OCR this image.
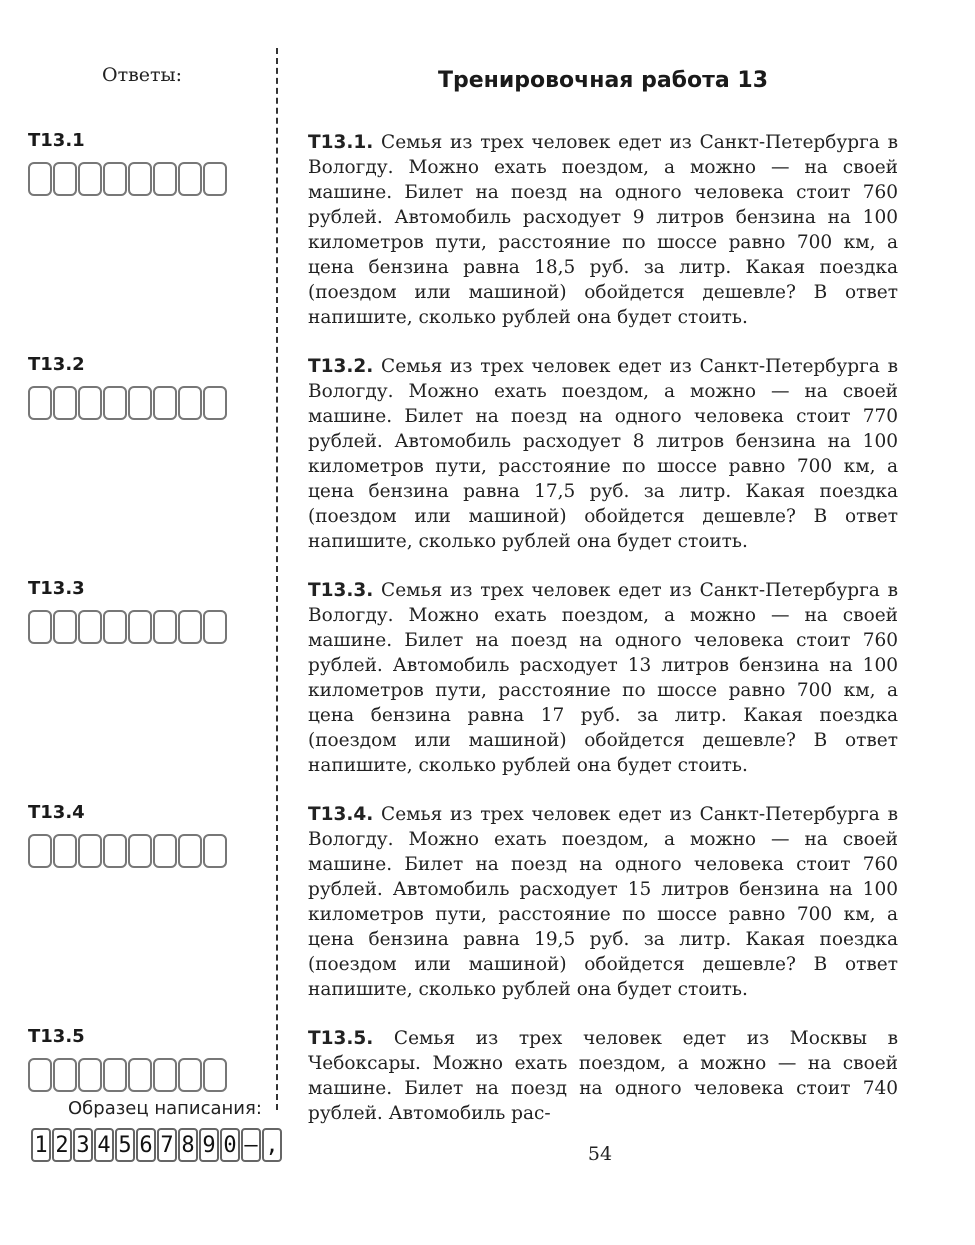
Ответы:	Тренировочная работа 13
Т13.1
Т13.2
Т13.3
Т13.4
Т13.5
Т13.1. Семья из трех человек едет из Санкт-Петербурга в Вологду. Можно ехать поездом, а можно — на своей машине. Билет на поезд на одного человека стоит 760 рублей. Автомобиль расходует 9 литров бензина на 100 километров пути, расстояние по шоссе равно 700 км, а цена бензина равна 18,5 руб. за литр. Какая поездка (поездом или машиной) обойдется дешевле? В ответ напишите, сколько рублей она будет стоить.
Т13.2. Семья из трех человек едет из Санкт-Петербурга в Вологду. Можно ехать поездом, а можно — на своей машине. Билет на поезд на одного человека стоит 770 рублей. Автомобиль расходует 8 литров бензина на 100 километров пути, расстояние по шоссе равно 700 км, а цена бензина равна 17,5 руб. за литр. Какая поездка (поездом или машиной) обойдется дешевле? В ответ напишите, сколько рублей она будет стоить.
Т13.3. Семья из трех человек едет из Санкт-Петербурга в Вологду. Можно ехать поездом, а можно — на своей машине. Билет на поезд на одного человека стоит 760 рублей. Автомобиль расходует 13 литров бензина на 100 километров пути, расстояние по шоссе равно 700 км, а цена бензина равна 17 руб. за литр. Какая поездка (поездом или машиной) обойдется дешевле? В ответ напишите, сколько рублей она будет стоить.
Т13.4. Семья из трех человек едет из Санкт-Петербурга в Вологду. Можно ехать поездом, а можно — на своей машине. Билет на поезд на одного человека стоит 760 рублей. Автомобиль расходует 15 литров бензина на 100 километров пути, расстояние по шоссе равно 700 км, а цена бензина равна 19,5 руб. за литр. Какая поездка (поездом или машиной) обойдется дешевле? В ответ напишите, сколько рублей она будет стоить.
Т13.5. Семья из трех человек едет из Москвы в Чебоксары. Можно ехать поездом, а можно — на своей машине. Билет на поезд на одного человека стоит 740 рублей. Автомобиль рас-
Образец написания:
1 2 3 4 5 6 7 8 9 0 – ,	54
